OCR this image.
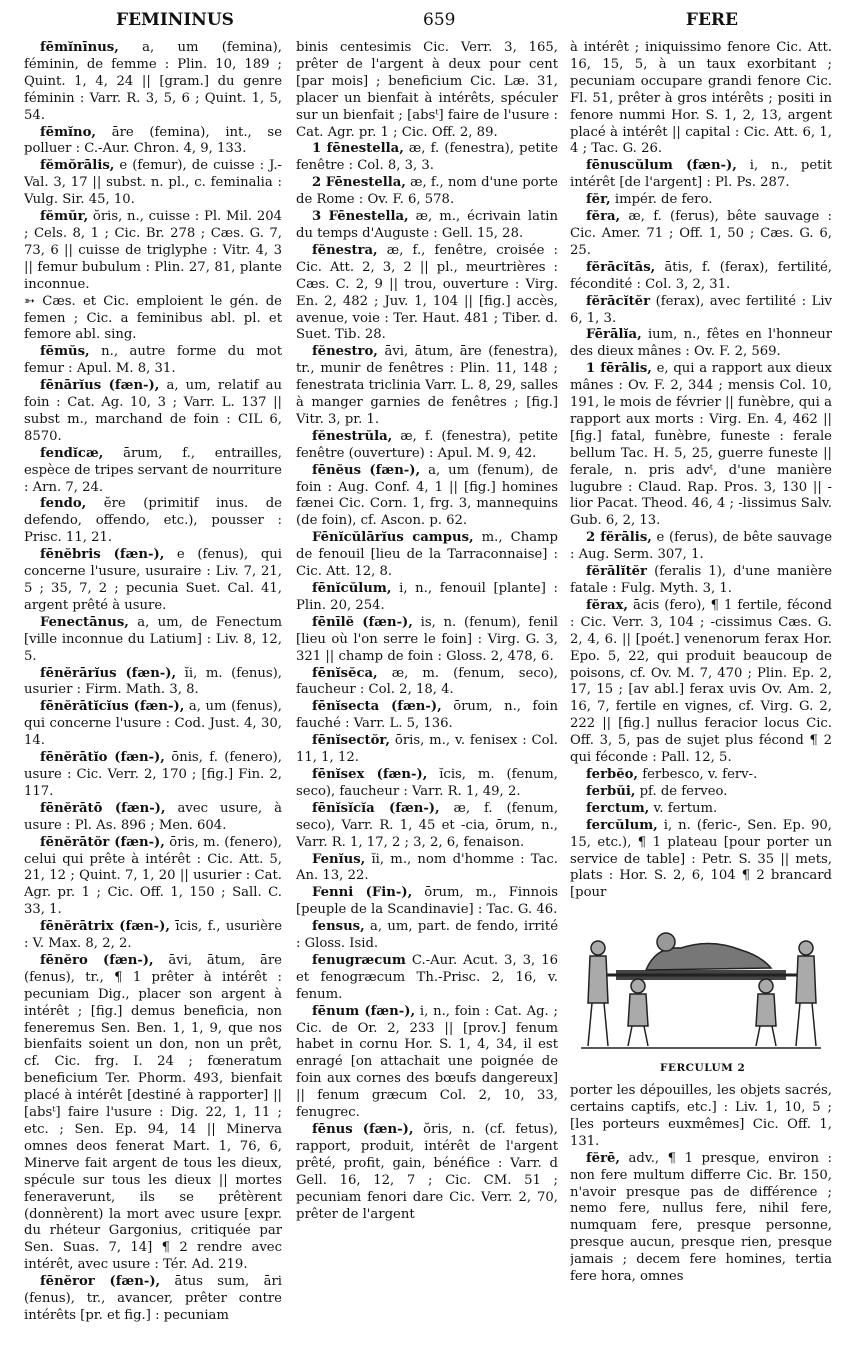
FEMININUS	659	FERE

fēmĭnīnus, a, um (femina), féminin, de femme : Plin. 10, 189 ; Quint. 1, 4, 24 || [gram.] du genre féminin : Varr. R. 3, 5, 6 ; Quint. 1, 5, 54.

fēmĭno, āre (femina), int., se polluer : C.-Aur. Chron. 4, 9, 133.

fĕmŏrālis, e (femur), de cuisse : J.-Val. 3, 17 || subst. n. pl., c. feminalia : Vulg. Sir. 45, 10.

fĕmŭr, ŏris, n., cuisse : Pl. Mil. 204 ; Cels. 8, 1 ; Cic. Br. 278 ; Cæs. G. 7, 73, 6 || cuisse de triglyphe : Vitr. 4, 3 || femur bubulum : Plin. 27, 81, plante inconnue.

➳ Cæs. et Cic. emploient le gén. de femen ; Cic. a feminibus abl. pl. et femore abl. sing.

fēmŭs, n., autre forme du mot femur : Apul. M. 8, 31.

fēnārĭus (fæn-), a, um, relatif au foin : Cat. Ag. 10, 3 ; Varr. L. 137 || subst m., marchand de foin : CIL 6, 8570.

fendĭcæ, ārum, f., entrailles, espèce de tripes servant de nourriture : Arn. 7, 24.

fendo, ĕre (primitif inus. de defendo, offendo, etc.), pousser : Prisc. 11, 21.

fēnĕbris (fæn-), e (fenus), qui concerne l'usure, usuraire : Liv. 7, 21, 5 ; 35, 7, 2 ; pecunia Suet. Cal. 41, argent prêté à usure.

Fenectānus, a, um, de Fenectum [ville inconnue du Latium] : Liv. 8, 12, 5.

fēnĕrārĭus (fæn-), ĭi, m. (fenus), usurier : Firm. Math. 3, 8.

fēnĕrātĭcĭus (fæn-), a, um (fenus), qui concerne l'usure : Cod. Just. 4, 30, 14.

fēnĕrātĭo (fæn-), ōnis, f. (fenero), usure : Cic. Verr. 2, 170 ; [fig.] Fin. 2, 117.

fēnĕrātō (fæn-), avec usure, à usure : Pl. As. 896 ; Men. 604.

fēnĕrātŏr (fæn-), ōris, m. (fenero), celui qui prête à intérêt : Cic. Att. 5, 21, 12 ; Quint. 7, 1, 20 || usurier : Cat. Agr. pr. 1 ; Cic. Off. 1, 150 ; Sall. C. 33, 1.

fēnĕrātrix (fæn-), īcis, f., usurière : V. Max. 8, 2, 2.

fēnĕro (fæn-), āvi, ātum, āre (fenus), tr., ¶ 1 prêter à intérêt : pecuniam Dig., placer son argent à intérêt ; [fig.] demus beneficia, non feneremus Sen. Ben. 1, 1, 9, que nos bienfaits soient un don, non un prêt, cf. Cic. frg. I. 24 ; fœneratum beneficium Ter. Phorm. 493, bienfait placé à intérêt [destiné à rapporter] || [absᵗ] faire l'usure : Dig. 22, 1, 11 ; etc. ; Sen. Ep. 94, 14 || Minerva omnes deos fenerat Mart. 1, 76, 6, Minerve fait argent de tous les dieux, spécule sur tous les dieux || mortes feneraverunt, ils se prêtèrent (donnèrent) la mort avec usure [expr. du rhéteur Gargonius, critiquée par Sen. Suas. 7, 14] ¶ 2 rendre avec intérêt, avec usure : Tér. Ad. 219.

fēnĕror (fæn-), ātus sum, āri (fenus), tr., avancer, prêter contre intérêts [pr. et fig.] : pecuniam

binis centesimis Cic. Verr. 3, 165, prêter de l'argent à deux pour cent [par mois] ; beneficium Cic. Læ. 31, placer un bienfait à intérêts, spéculer sur un bienfait ; [absᵗ] faire de l'usure : Cat. Agr. pr. 1 ; Cic. Off. 2, 89.

1 fēnestella, æ, f. (fenestra), petite fenêtre : Col. 8, 3, 3.

2 Fēnestella, æ, f., nom d'une porte de Rome : Ov. F. 6, 578.

3 Fēnestella, æ, m., écrivain latin du temps d'Auguste : Gell. 15, 28.

fĕnestra, æ, f., fenêtre, croisée : Cic. Att. 2, 3, 2 || pl., meurtrières : Cæs. C. 2, 9 || trou, ouverture : Virg. En. 2, 482 ; Juv. 1, 104 || [fig.] accès, avenue, voie : Ter. Haut. 481 ; Tiber. d. Suet. Tib. 28.

fĕnestro, āvi, ātum, āre (fenestra), tr., munir de fenêtres : Plin. 11, 148 ; fenestrata triclinia Varr. L. 8, 29, salles à manger garnies de fenêtres ; [fig.] Vitr. 3, pr. 1.

fĕnestrŭla, æ, f. (fenestra), petite fenêtre (ouverture) : Apul. M. 9, 42.

fēnĕus (fæn-), a, um (fenum), de foin : Aug. Conf. 4, 1 || [fig.] homines fænei Cic. Corn. 1, frg. 3, mannequins (de foin), cf. Ascon. p. 62.

Fēnĭcŭlārĭus campus, m., Champ de fenouil [lieu de la Tarraconnaise] : Cic. Att. 12, 8.

fēnĭcŭlum, i, n., fenouil [plante] : Plin. 20, 254.

fēnīlĕ (fæn-), is, n. (fenum), fenil [lieu où l'on serre le foin] : Virg. G. 3, 321 || champ de foin : Gloss. 2, 478, 6.

fēnĭsĕca, æ, m. (fenum, seco), faucheur : Col. 2, 18, 4.

fēnĭsecta (fæn-), ōrum, n., foin fauché : Varr. L. 5, 136.

fēnĭsectŏr, ōris, m., v. fenisex : Col. 11, 1, 12.

fēnĭsex (fæn-), ĭcis, m. (fenum, seco), faucheur : Varr. R. 1, 49, 2.

fēnĭsĭcĭa (fæn-), æ, f. (fenum, seco), Varr. R. 1, 45 et -cia, ōrum, n., Varr. R. 1, 17, 2 ; 3, 2, 6, fenaison.

Fenĭus, ĭi, m., nom d'homme : Tac. An. 13, 22.

Fenni (Fin-), ōrum, m., Finnois [peuple de la Scandinavie] : Tac. G. 46.

fensus, a, um, part. de fendo, irrité : Gloss. Isid.

fenugræcum C.-Aur. Acut. 3, 3, 16 et fenogræcum Th.-Prisc. 2, 16, v. fenum.

fēnum (fæn-), i, n., foin : Cat. Ag. ; Cic. de Or. 2, 233 || [prov.] fenum habet in cornu Hor. S. 1, 4, 34, il est enragé [on attachait une poignée de foin aux cornes des bœufs dangereux] || fenum græcum Col. 2, 10, 33, fenugrec.

fēnus (fæn-), ŏris, n. (cf. fetus), rapport, produit, intérêt de l'argent prêté, profit, gain, bénéfice : Varr. d Gell. 16, 12, 7 ; Cic. CM. 51 ; pecuniam fenori dare Cic. Verr. 2, 70, prêter de l'argent

à intérêt ; iniquissimo fenore Cic. Att. 16, 15, 5, à un taux exorbitant ; pecuniam occupare grandi fenore Cic. Fl. 51, prêter à gros intérêts ; positi in fenore nummi Hor. S. 1, 2, 13, argent placé à intérêt || capital : Cic. Att. 6, 1, 4 ; Tac. G. 26.

fēnuscŭlum (fæn-), i, n., petit intérêt [de l'argent] : Pl. Ps. 287.

fĕr, impér. de fero.

fĕra, æ, f. (ferus), bête sauvage : Cic. Amer. 71 ; Off. 1, 50 ; Cæs. G. 6, 25.

fĕrācĭtās, ātis, f. (ferax), fertilité, fécondité : Col. 3, 2, 31.

fĕrācĭtĕr (ferax), avec fertilité : Liv 6, 1, 3.

Fērālĭa, ium, n., fêtes en l'honneur des dieux mânes : Ov. F. 2, 569.

1 fērālis, e, qui a rapport aux dieux mânes : Ov. F. 2, 344 ; mensis Col. 10, 191, le mois de février || funèbre, qui a rapport aux morts : Virg. En. 4, 462 || [fig.] fatal, funèbre, funeste : ferale bellum Tac. H. 5, 25, guerre funeste || ferale, n. pris advᵗ, d'une manière lugubre : Claud. Rap. Pros. 3, 130 || -lior Pacat. Theod. 46, 4 ; -lissimus Salv. Gub. 6, 2, 13.

2 fĕrālis, e (ferus), de bête sauvage : Aug. Serm. 307, 1.

fĕrālĭtĕr (feralis 1), d'une manière fatale : Fulg. Myth. 3, 1.

fĕrax, ācis (fero), ¶ 1 fertile, fécond : Cic. Verr. 3, 104 ; -cissimus Cæs. G. 2, 4, 6. || [poét.] venenorum ferax Hor. Epo. 5, 22, qui produit beaucoup de poisons, cf. Ov. M. 7, 470 ; Plin. Ep. 2, 17, 15 ; [av abl.] ferax uvis Ov. Am. 2, 16, 7, fertile en vignes, cf. Virg. G. 2, 222 || [fig.] nullus feracior locus Cic. Off. 3, 5, pas de sujet plus fécond ¶ 2 qui féconde : Pall. 12, 5.

ferbĕo, ferbesco, v. ferv-.

ferbŭi, pf. de ferveo.

ferctum, v. fertum.

fercŭlum, i, n. (feric-, Sen. Ep. 90, 15, etc.), ¶ 1 plateau [pour porter un service de table] : Petr. S. 35 || mets, plats : Hor. S. 2, 6, 104 ¶ 2 brancard [pour

FERCULUM 2

porter les dépouilles, les objets sacrés, certains captifs, etc.] : Liv. 1, 10, 5 ; [les porteurs euxmêmes] Cic. Off. 1, 131.

fĕrē, adv., ¶ 1 presque, environ : non fere multum differre Cic. Br. 150, n'avoir presque pas de différence ; nemo fere, nullus fere, nihil fere, numquam fere, presque personne, presque aucun, presque rien, presque jamais ; decem fere homines, tertia fere hora, omnes
